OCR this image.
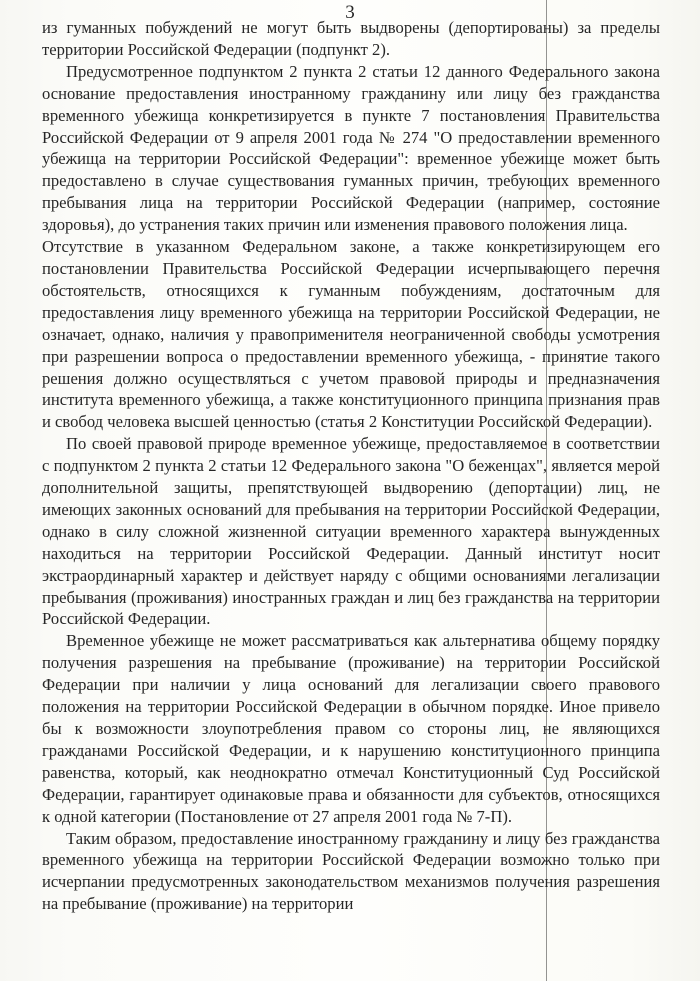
3

из гуманных побуждений не могут быть выдворены (депортированы) за пределы территории Российской Федерации (подпункт 2).

Предусмотренное подпунктом 2 пункта 2 статьи 12 данного Федерального закона основание предоставления иностранному гражданину или лицу без гражданства временного убежища конкретизируется в пункте 7 постановления Правительства Российской Федерации от 9 апреля 2001 года № 274 "О предоставлении временного убежища на территории Российской Федерации": временное убежище может быть предоставлено в случае существования гуманных причин, требующих временного пребывания лица на территории Российской Федерации (например, состояние здоровья), до устранения таких причин или изменения правового положения лица.

Отсутствие в указанном Федеральном законе, а также конкретизирующем его постановлении Правительства Российской Федерации исчерпывающего перечня обстоятельств, относящихся к гуманным побуждениям, достаточным для предоставления лицу временного убежища на территории Российской Федерации, не означает, однако, наличия у правоприменителя неограниченной свободы усмотрения при разрешении вопроса о предоставлении временного убежища, - принятие такого решения должно осуществляться с учетом правовой природы и предназначения института временного убежища, а также конституционного принципа признания прав и свобод человека высшей ценностью (статья 2 Конституции Российской Федерации).

По своей правовой природе временное убежище, предоставляемое в соответствии с подпунктом 2 пункта 2 статьи 12 Федерального закона "О беженцах", является мерой дополнительной защиты, препятствующей выдворению (депортации) лиц, не имеющих законных оснований для пребывания на территории Российской Федерации, однако в силу сложной жизненной ситуации временного характера вынужденных находиться на территории Российской Федерации. Данный институт носит экстраординарный характер и действует наряду с общими основаниями легализации пребывания (проживания) иностранных граждан и лиц без гражданства на территории Российской Федерации.

Временное убежище не может рассматриваться как альтернатива общему порядку получения разрешения на пребывание (проживание) на территории Российской Федерации при наличии у лица оснований для легализации своего правового положения на территории Российской Федерации в обычном порядке. Иное привело бы к возможности злоупотребления правом со стороны лиц, не являющихся гражданами Российской Федерации, и к нарушению конституционного принципа равенства, который, как неоднократно отмечал Конституционный Суд Российской Федерации, гарантирует одинаковые права и обязанности для субъектов, относящихся к одной категории (Постановление от 27 апреля 2001 года № 7-П).

Таким образом, предоставление иностранному гражданину и лицу без гражданства временного убежища на территории Российской Федерации возможно только при исчерпании предусмотренных законодательством механизмов получения разрешения на пребывание (проживание) на территории
